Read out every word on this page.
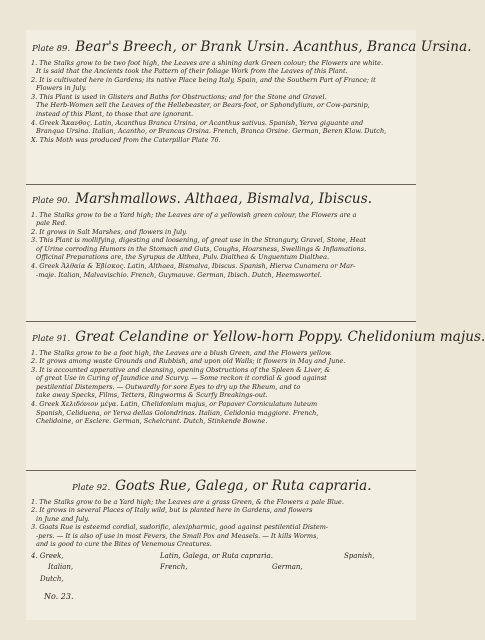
Plate 89. Bear's Breech, or Brank Ursin. Acanthus, Branca Ursina.
1. The Stalks grow to be two foot high, the Leaves are a shining dark Green colour; the Flowers are white.
It is said that the Ancients took the Pattern of their foliage Work from the Leaves of this Plant.
2. It is cultivated here in Gardens; its native Place being Italy, Spain, and the Southern Part of France; it
Flowers in July.
3. This Plant is used in Glisters and Baths for Obstructions; and for the Stone and Gravel.
The Herb-Women sell the Leaves of the Hellebeaster, or Bears-foot, or Sphondylium, or Cow-parsnip,
instead of this Plant, to those that are ignorant.
4. Greek Ἄκανθος. Latin, Acanthus Branca Ursina, or Acanthus sativus. Spanish, Yerva giguante and
Branqua Ursina. Italian, Acantho, or Brancas Orsina. French, Branca Orsine. German, Beren Klaw. Dutch,
X. This Moth was produced from the Caterpillar Plate 76.
Plate 90. Marshmallows. Althaea, Bismalva, Ibiscus.
1. The Stalks grow to be a Yard high; the Leaves are of a yellowish green colour, the Flowers are a
pale Red.
2. It grows in Salt Marshes, and flowers in July.
3. This Plant is mollifying, digesting and loosening, of great use in the Strangury, Gravel, Stone, Heat
of Urine corroding Humors in the Stomach and Guts, Coughs, Hoarsness, Swellings & Inflamations.
Officinal Preparations are, the Syrupus de Althea, Pulv. Dialthea & Unguentum Dialthea.
4. Greek Ἀλθαία & Ἐβίσκος. Latin, Althaea, Bismalva, Ibiscus. Spanish, Hierva Cunamera or Mar-
-maje. Italian, Malvavischio. French, Guymauve. German, Ibisch. Dutch, Heemswortel.
Plate 91. Great Celandine or Yellow-horn Poppy. Chelidonium majus.
1. The Stalks grow to be a foot high, the Leaves are a blush Green, and the Flowers yellow.
2. It grows among waste Grounds and Rubbish, and upon old Walls; it flowers in May and June.
3. It is accounted apperative and cleansing, opening Obstructions of the Spleen & Liver, &
of great Use in Curing of Jaundice and Scurvy. — Some reckon it cordial & good against
pestilential Distempers. — Outwardly for sore Eyes to dry up the Rheum, and to
take away Specks, Films, Tetters, Ringworms & Scurfy Breakings-out.
4. Greek Χελιδόνιον μέγα. Latin, Chelidonium majus, or Papaver Corniculatum luteum
Spanish, Celiduena, or Yerva dellas Golondrinas. Italian, Celidonia maggiore. French,
Chelidoine, or Esclere. German, Schelcrant. Dutch, Stinkende Bowne.
Plate 92. Goats Rue, Galega, or Ruta capraria.
1. The Stalks grow to be a Yard high; the Leaves are a grass Green, & the Flowers a pale Blue.
2. It grows in several Places of Italy wild, but is planted here in Gardens, and flowers
in June and July.
3. Goats Rue is esteemd cordial, sudorific, alexipharmic, good against pestilential Distem-
-pers. — It is also of use in most Fevers, the Small Pox and Measels. — It kills Worms,
and is good to cure the Bites of Venemous Creatures.
4. Greek,	Latin, Galega, or Ruta capraria.	Spanish,
Italian,	French,	German,
Dutch,
No. 23.
